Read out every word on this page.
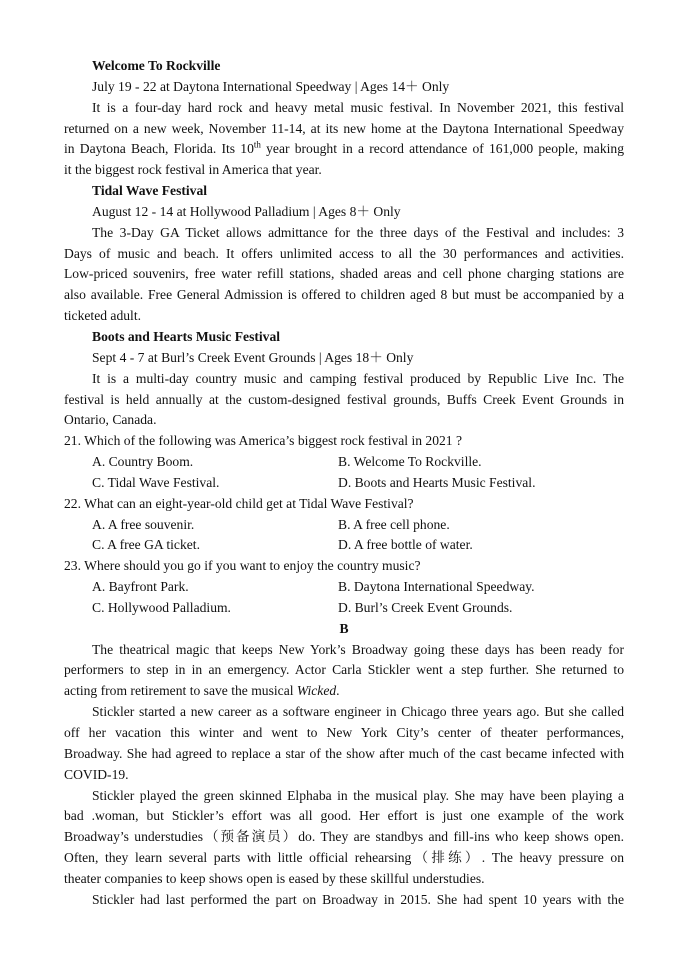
Welcome To Rockville
July 19 - 22 at Daytona International Speedway | Ages 14＋ Only
It is a four-day hard rock and heavy metal music festival. In November 2021, this festival
returned on a new week, November 11-14, at its new home at the Daytona International Speedway
in Daytona Beach, Florida. Its 10th year brought in a record attendance of 161,000 people, making
it the biggest rock festival in America that year.
Tidal Wave Festival
August 12 - 14 at Hollywood Palladium | Ages 8＋ Only
The 3-Day GA Ticket allows admittance for the three days of the Festival and includes: 3
Days of music and beach. It offers unlimited access to all the 30 performances and activities.
Low-priced souvenirs, free water refill stations, shaded areas and cell phone charging stations are
also available. Free General Admission is offered to children aged 8 but must be accompanied by a
ticketed adult.
Boots and Hearts Music Festival
Sept 4 - 7 at Burl’s Creek Event Grounds | Ages 18＋ Only
It is a multi-day country music and camping festival produced by Republic Live Inc. The
festival is held annually at the custom-designed festival grounds, Buffs Creek Event Grounds in
Ontario, Canada.
21. Which of the following was America’s biggest rock festival in 2021 ?
A. Country Boom.	B. Welcome To Rockville.
C. Tidal Wave Festival.	D. Boots and Hearts Music Festival.
22. What can an eight-year-old child get at Tidal Wave Festival?
A. A free souvenir.	B. A free cell phone.
C. A free GA ticket.	D. A free bottle of water.
23. Where should you go if you want to enjoy the country music?
A. Bayfront Park.	B. Daytona International Speedway.
C. Hollywood Palladium.	D. Burl’s Creek Event Grounds.
B
The theatrical magic that keeps New York’s Broadway going these days has been ready for
performers to step in in an emergency. Actor Carla Stickler went a step further. She returned to
acting from retirement to save the musical Wicked.
Stickler started a new career as a software engineer in Chicago three years ago. But she called
off her vacation this winter and went to New York City’s center of theater performances,
Broadway. She had agreed to replace a star of the show after much of the cast became infected with
COVID-19.
Stickler played the green skinned Elphaba in the musical play. She may have been playing a
bad .woman, but Stickler’s effort was all good. Her effort is just one example of the work
Broadway’s understudies（预备演员）do. They are standbys and fill-ins who keep shows open.
Often, they learn several parts with little official rehearsing（排练）. The heavy pressure on
theater companies to keep shows open is eased by these skillful understudies.
Stickler had last performed the part on Broadway in 2015. She had spent 10 years with the
